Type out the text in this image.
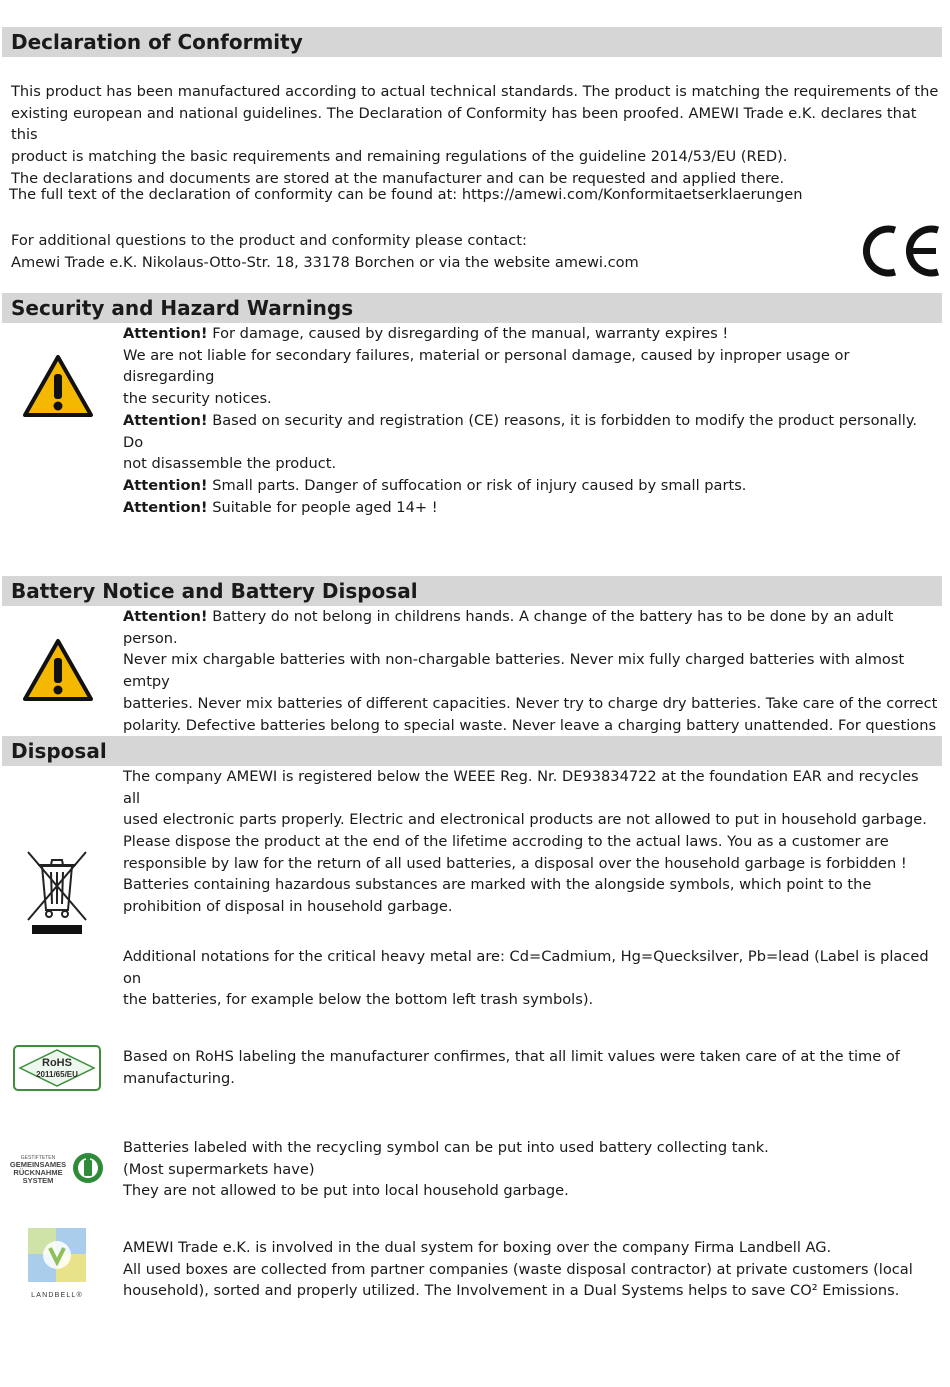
Declaration of Conformity
This product has been manufactured according to actual technical standards. The product is matching the requirements of the
existing european and national guidelines. The Declaration of Conformity has been proofed. AMEWI Trade e.K. declares that this
product is matching the basic requirements and remaining regulations of the guideline 2014/53/EU (RED).
The declarations and documents are stored at the manufacturer and can be requested and applied there.
The full text of the declaration of conformity can be found at: https://amewi.com/Konformitaetserklaerungen
For additional questions to the product and conformity please contact:
Amewi Trade e.K. Nikolaus-Otto-Str. 18, 33178 Borchen or via the website amewi.com
Security and Hazard Warnings
Attention! For damage, caused by disregarding of the manual, warranty expires !
We are not liable for secondary failures, material or personal damage, caused by inproper usage or disregarding
the security notices.
Attention! Based on security and registration (CE) reasons, it is forbidden to modify the product personally. Do
not disassemble the product.
Attention! Small parts. Danger of suffocation or risk of injury caused by small parts.
Attention! Suitable for people aged 14+ !
Battery Notice and Battery Disposal
Attention! Battery do not belong in childrens hands. A change of the battery has to be done by an adult person.
Never mix chargable batteries with non-chargable batteries. Never mix fully charged batteries with almost emtpy
batteries. Never mix batteries of different capacities. Never try to charge dry batteries. Take care of the correct
polarity. Defective batteries belong to special waste. Never leave a charging battery unattended. For questions
Disposal
The company AMEWI is registered below the WEEE Reg. Nr. DE93834722 at the foundation EAR and recycles all
used electronic parts properly. Electric and electronical products are not allowed to put in household garbage.
Please dispose the product at the end of the lifetime accroding to the actual laws. You as a customer are
responsible by law for the return of all used batteries, a disposal over the household garbage is forbidden !
Batteries containing hazardous substances are marked with the alongside symbols, which point to the
prohibition of disposal in household garbage.
Additional notations for the critical heavy metal are: Cd=Cadmium, Hg=Quecksilver, Pb=lead (Label is placed on
the batteries, for example below the bottom left trash symbols).
RoHS
2011/65/EU
Based on RoHS labeling the manufacturer confirmes, that all limit values were taken care of at the time of
manufacturing.
GESTIFTETEN
GEMEINSAMES
RÜCKNAHME
SYSTEM
Batteries labeled with the recycling symbol can be put into used battery collecting tank.
(Most supermarkets have)
They are not allowed to be put into local household garbage.
LANDBELL®
AMEWI Trade e.K. is involved in the dual system for boxing over the company Firma Landbell AG.
All used boxes are collected from partner companies (waste disposal contractor) at private customers (local
household), sorted and properly utilized. The Involvement in a Dual Systems helps to save CO² Emissions.
